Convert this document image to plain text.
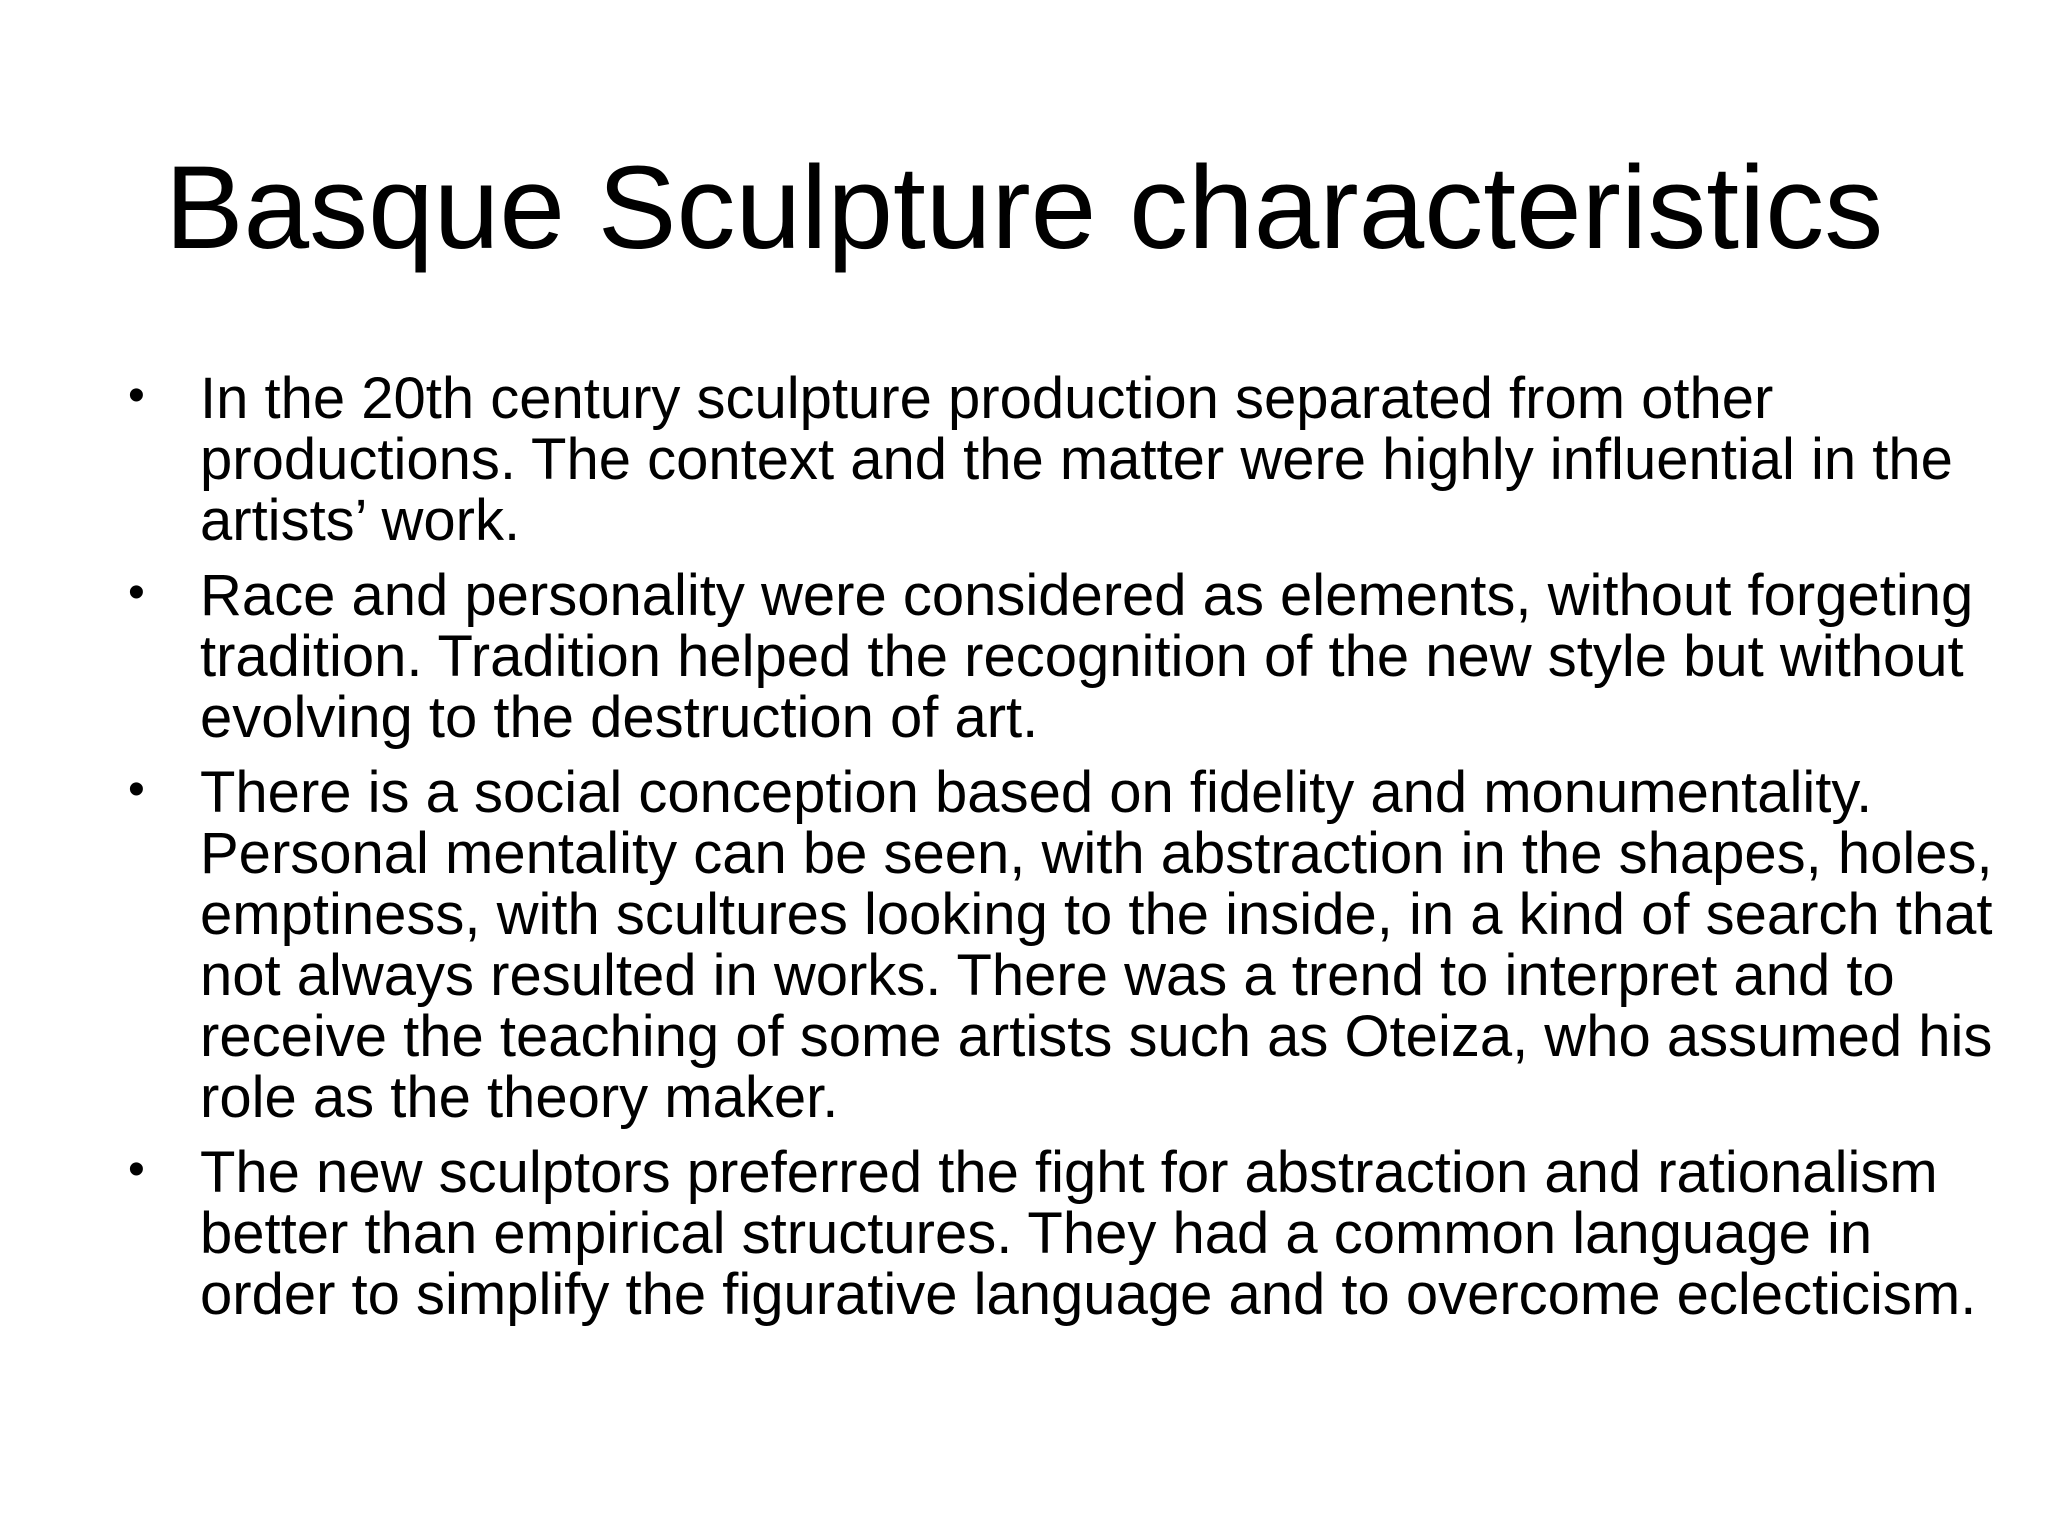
Basque Sculpture characteristics
• In the 20th century sculpture production separated from other productions. The context and the matter were highly influential in the artists’ work.
• Race and personality were considered as elements, without forgeting tradition. Tradition helped the recognition of the new style but without evolving to the destruction of art.
• There is a social conception based on fidelity and monumentality. Personal mentality can be seen, with abstraction in the shapes, holes, emptiness, with scultures looking to the inside, in a kind of search that not always resulted in works. There was a trend to interpret and to receive the teaching of some artists such as Oteiza, who assumed his role as the theory maker.
• The new sculptors preferred the fight for abstraction and rationalism better than empirical structures. They had a common language in order to simplify the figurative language and to overcome eclecticism.
